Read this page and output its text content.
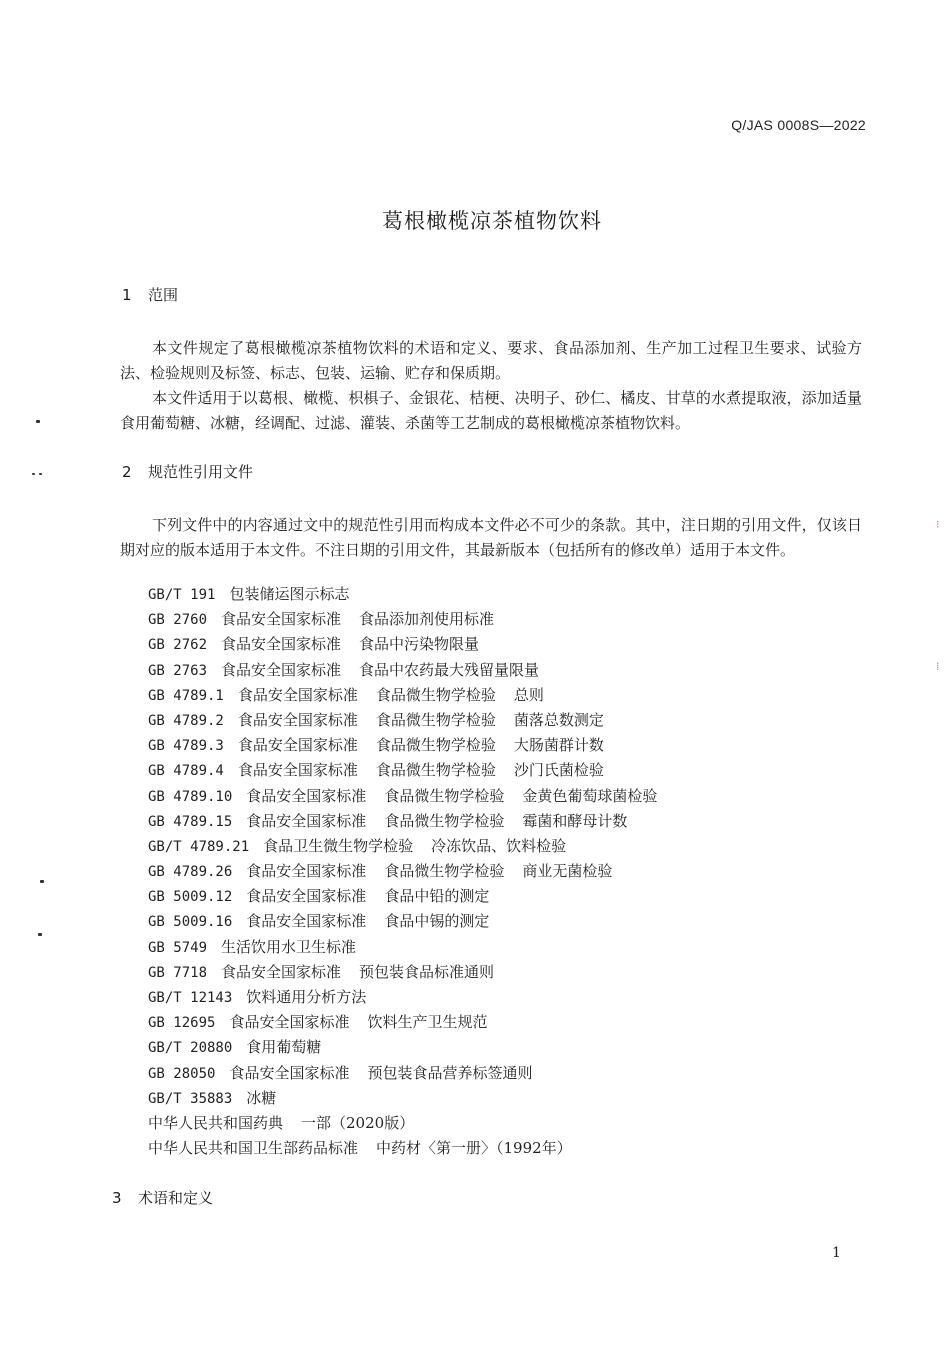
Q/JAS 0008S—2022
葛根橄榄凉茶植物饮料
1 范围
本文件规定了葛根橄榄凉茶植物饮料的术语和定义、要求、食品添加剂、生产加工过程卫生要求、试验方法、检验规则及标签、标志、包装、运输、贮存和保质期。
本文件适用于以葛根、橄榄、枳椇子、金银花、桔梗、决明子、砂仁、橘皮、甘草的水煮提取液，添加适量食用葡萄糖、冰糖，经调配、过滤、灌装、杀菌等工艺制成的葛根橄榄凉茶植物饮料。
2 规范性引用文件
下列文件中的内容通过文中的规范性引用而构成本文件必不可少的条款。其中，注日期的引用文件，仅该日期对应的版本适用于本文件。不注日期的引用文件，其最新版本（包括所有的修改单）适用于本文件。
GB/T 191 包装储运图示标志
GB 2760 食品安全国家标准 食品添加剂使用标准
GB 2762 食品安全国家标准 食品中污染物限量
GB 2763 食品安全国家标准 食品中农药最大残留量限量
GB 4789.1 食品安全国家标准 食品微生物学检验 总则
GB 4789.2 食品安全国家标准 食品微生物学检验 菌落总数测定
GB 4789.3 食品安全国家标准 食品微生物学检验 大肠菌群计数
GB 4789.4 食品安全国家标准 食品微生物学检验 沙门氏菌检验
GB 4789.10 食品安全国家标准 食品微生物学检验 金黄色葡萄球菌检验
GB 4789.15 食品安全国家标准 食品微生物学检验 霉菌和酵母计数
GB/T 4789.21 食品卫生微生物学检验 冷冻饮品、饮料检验
GB 4789.26 食品安全国家标准 食品微生物学检验 商业无菌检验
GB 5009.12 食品安全国家标准 食品中铅的测定
GB 5009.16 食品安全国家标准 食品中锡的测定
GB 5749 生活饮用水卫生标准
GB 7718 食品安全国家标准 预包装食品标准通则
GB/T 12143 饮料通用分析方法
GB 12695 食品安全国家标准 饮料生产卫生规范
GB/T 20880 食用葡萄糖
GB 28050 食品安全国家标准 预包装食品营养标签通则
GB/T 35883 冰糖
中华人民共和国药典 一部（2020版）
中华人民共和国卫生部药品标准 中药材〈第一册〉（1992年）
3 术语和定义
1
⁝
⁞
